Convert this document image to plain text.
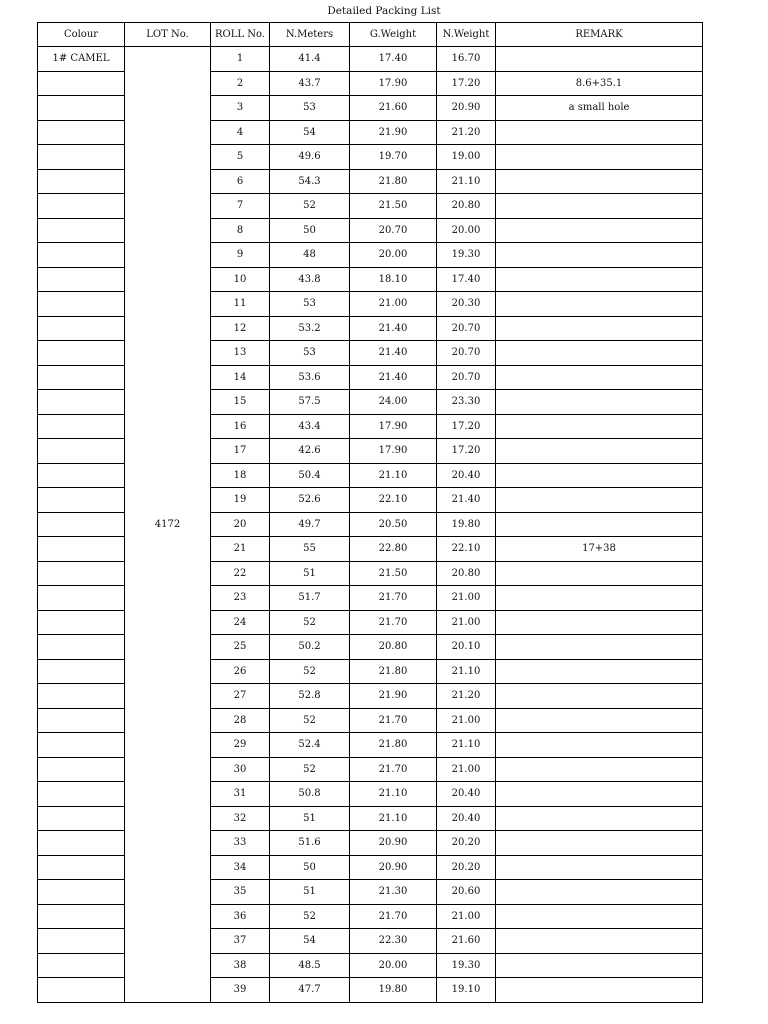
Detailed Packing List
Colour	LOT No.	ROLL No.	N.Meters	G.Weight	N.Weight	REMARK
1# CAMEL	4172	1	41.4	17.40	16.70	
		2	43.7	17.90	17.20	8.6+35.1
		3	53	21.60	20.90	a small hole
		4	54	21.90	21.20	
		5	49.6	19.70	19.00	
		6	54.3	21.80	21.10	
		7	52	21.50	20.80	
		8	50	20.70	20.00	
		9	48	20.00	19.30	
		10	43.8	18.10	17.40	
		11	53	21.00	20.30	
		12	53.2	21.40	20.70	
		13	53	21.40	20.70	
		14	53.6	21.40	20.70	
		15	57.5	24.00	23.30	
		16	43.4	17.90	17.20	
		17	42.6	17.90	17.20	
		18	50.4	21.10	20.40	
		19	52.6	22.10	21.40	
		20	49.7	20.50	19.80	
		21	55	22.80	22.10	17+38
		22	51	21.50	20.80	
		23	51.7	21.70	21.00	
		24	52	21.70	21.00	
		25	50.2	20.80	20.10	
		26	52	21.80	21.10	
		27	52.8	21.90	21.20	
		28	52	21.70	21.00	
		29	52.4	21.80	21.10	
		30	52	21.70	21.00	
		31	50.8	21.10	20.40	
		32	51	21.10	20.40	
		33	51.6	20.90	20.20	
		34	50	20.90	20.20	
		35	51	21.30	20.60	
		36	52	21.70	21.00	
		37	54	22.30	21.60	
		38	48.5	20.00	19.30	
		39	47.7	19.80	19.10	
